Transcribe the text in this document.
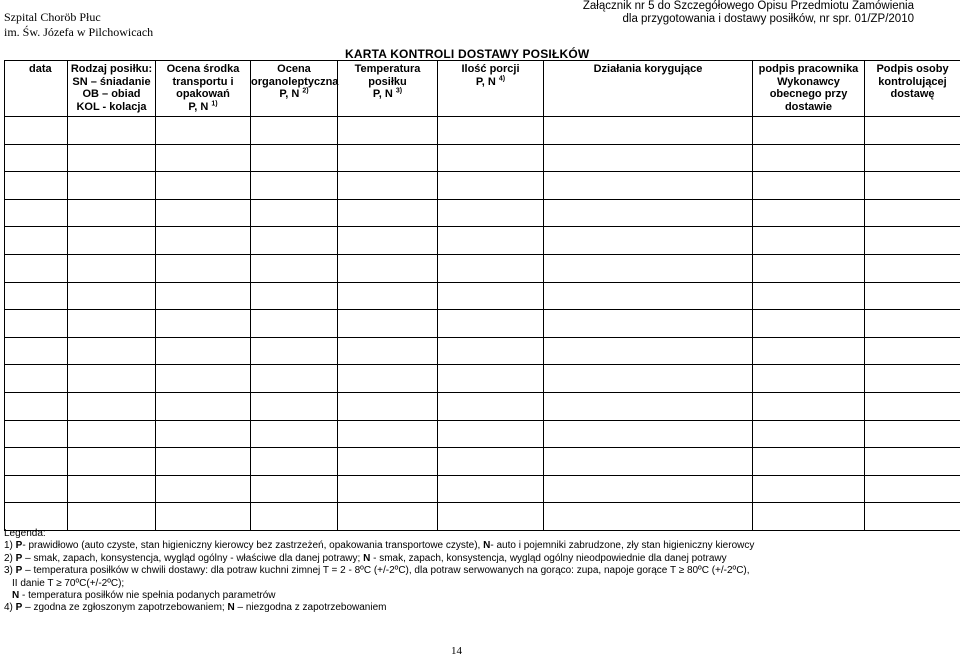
Szpital Choröb Płuc
im. Św. Józefa w Pilchowicach
Załącznik nr 5 do Szczegółowego Opisu Przedmiotu Zamówienia
dla przygotowania i dostawy posiłków, nr spr. 01/ZP/2010
KARTA KONTROLI DOSTAWY POSIŁKÓW
data	Rodzaj posiłku:
SN – śniadanie
OB – obiad
KOL - kolacja	Ocena środka
transportu i
opakowań
P, N $^{1)}$	Ocena
organoleptyczna
P, N $^{2)}$	Temperatura
posiłku
P, N $^{3)}$	Ilość porcji
P, N $^{4)}$	Działania korygujące	podpis pracownika
Wykonawcy
obecnego przy
dostawie	Podpis osoby
kontrolującej
dostawę

Legenda:
1) P- prawidłowo (auto czyste, stan higieniczny kierowcy bez zastrzeżeń, opakowania transportowe czyste), N- auto i pojemniki zabrudzone, zły stan higieniczny kierowcy
2) P – smak, zapach, konsystencja, wygląd ogólny - właściwe dla danej potrawy; N - smak, zapach, konsystencja, wygląd ogólny nieodpowiednie dla danej potrawy
3) P – temperatura posiłków w chwili dostawy: dla potraw kuchni zimnej T = 2 - 8ºC (+/-2ºC), dla potraw serwowanych na gorąco: zupa, napoje gorące T ≥ 80ºC (+/-2ºC),
II danie T ≥ 70ºC(+/-2ºC);
N - temperatura posiłków nie spełnia podanych parametrów
4) P – zgodna ze zgłoszonym zapotrzebowaniem; N – niezgodna z zapotrzebowaniem
14
